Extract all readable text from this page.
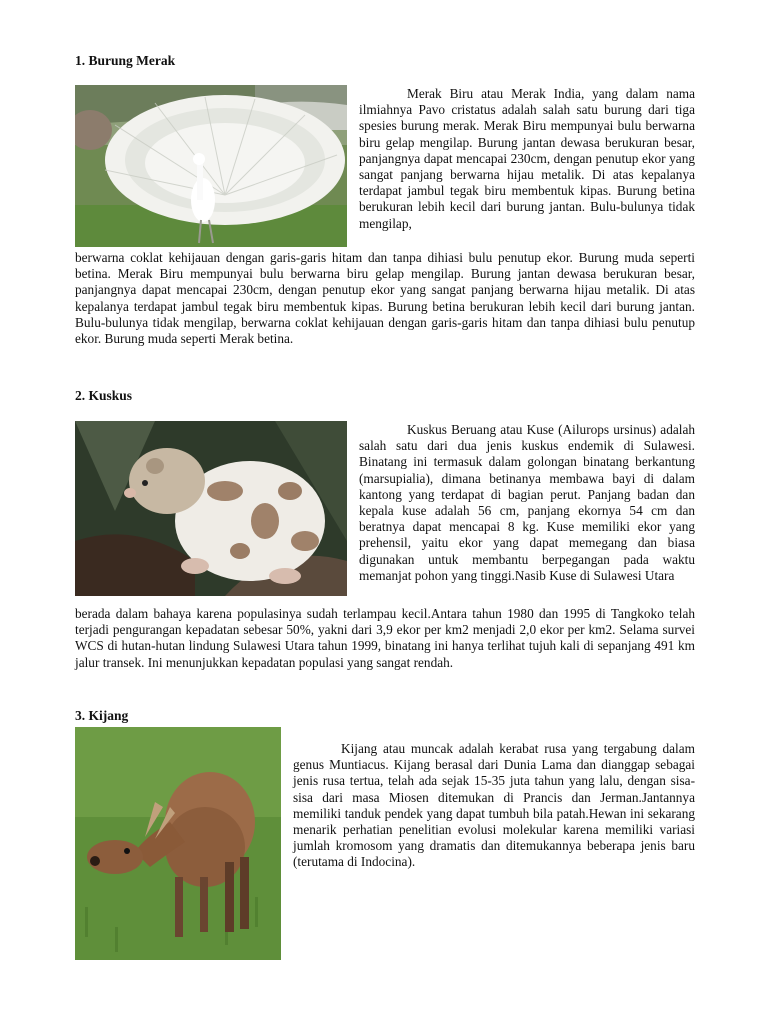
1. Burung Merak

Merak Biru atau Merak India, yang dalam nama ilmiahnya Pavo cristatus adalah salah satu burung dari tiga spesies burung merak. Merak Biru mempunyai bulu berwarna biru gelap mengilap. Burung jantan dewasa berukuran besar, panjangnya dapat mencapai 230cm, dengan penutup ekor yang sangat panjang berwarna hijau metalik. Di atas kepalanya terdapat jambul tegak biru membentuk kipas. Burung betina berukuran lebih kecil dari burung jantan. Bulu-bulunya tidak mengilap,

berwarna coklat kehijauan dengan garis-garis hitam dan tanpa dihiasi bulu penutup ekor. Burung muda seperti betina. Merak Biru mempunyai bulu berwarna biru gelap mengilap. Burung jantan dewasa berukuran besar, panjangnya dapat mencapai 230cm, dengan penutup ekor yang sangat panjang berwarna hijau metalik. Di atas kepalanya terdapat jambul tegak biru membentuk kipas. Burung betina berukuran lebih kecil dari burung jantan. Bulu-bulunya tidak mengilap, berwarna coklat kehijauan dengan garis-garis hitam dan tanpa dihiasi bulu penutup ekor. Burung muda seperti Merak betina.

2. Kuskus

Kuskus Beruang atau Kuse (Ailurops ursinus) adalah salah satu dari dua jenis kuskus endemik di Sulawesi. Binatang ini termasuk dalam golongan binatang berkantung (marsupialia), dimana betinanya membawa bayi di dalam kantong yang terdapat di bagian perut. Panjang badan dan kepala kuse adalah 56 cm, panjang ekornya 54 cm dan beratnya dapat mencapai 8 kg. Kuse memiliki ekor yang prehensil, yaitu ekor yang dapat memegang dan biasa digunakan untuk membantu berpegangan pada waktu memanjat pohon yang tinggi.Nasib Kuse di Sulawesi Utara

berada dalam bahaya karena populasinya sudah terlampau kecil.Antara tahun 1980 dan 1995 di Tangkoko telah terjadi pengurangan kepadatan sebesar 50%, yakni dari 3,9 ekor per km2 menjadi 2,0 ekor per km2. Selama survei WCS di hutan-hutan lindung Sulawesi Utara tahun 1999, binatang ini hanya terlihat tujuh kali di sepanjang 491 km jalur transek. Ini menunjukkan kepadatan populasi yang sangat rendah.

3. Kijang

Kijang atau muncak adalah kerabat rusa yang tergabung dalam genus Muntiacus. Kijang berasal dari Dunia Lama dan dianggap sebagai jenis rusa tertua, telah ada sejak 15-35 juta tahun yang lalu, dengan sisa-sisa dari masa Miosen ditemukan di Prancis dan Jerman.Jantannya memiliki tanduk pendek yang dapat tumbuh bila patah.Hewan ini sekarang menarik perhatian penelitian evolusi molekular karena memiliki variasi jumlah kromosom yang dramatis dan ditemukannya beberapa jenis baru (terutama di Indocina).
